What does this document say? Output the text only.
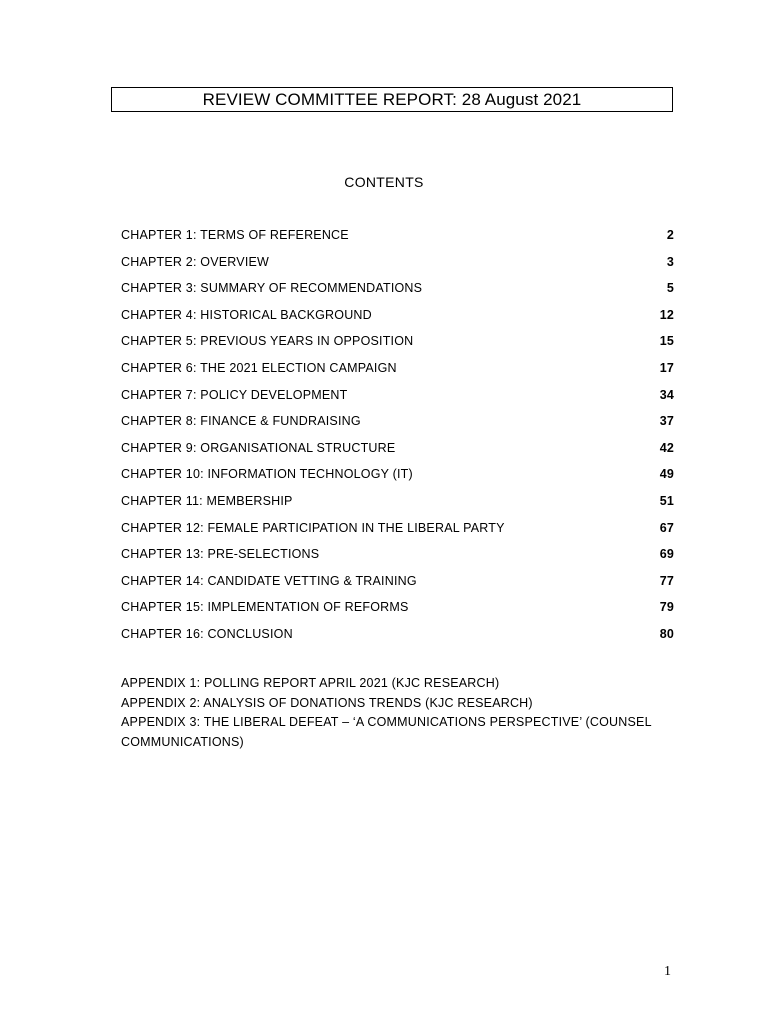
REVIEW COMMITTEE REPORT: 28 August 2021
CONTENTS
CHAPTER 1: TERMS OF REFERENCE	2
CHAPTER 2: OVERVIEW	3
CHAPTER 3: SUMMARY OF RECOMMENDATIONS	5
CHAPTER 4: HISTORICAL BACKGROUND	12
CHAPTER 5: PREVIOUS YEARS IN OPPOSITION	15
CHAPTER 6: THE 2021 ELECTION CAMPAIGN	17
CHAPTER 7: POLICY DEVELOPMENT	34
CHAPTER 8: FINANCE & FUNDRAISING	37
CHAPTER 9: ORGANISATIONAL STRUCTURE	42
CHAPTER 10: INFORMATION TECHNOLOGY (IT)	49
CHAPTER 11: MEMBERSHIP	51
CHAPTER 12: FEMALE PARTICIPATION IN THE LIBERAL PARTY	67
CHAPTER 13: PRE-SELECTIONS	69
CHAPTER 14: CANDIDATE VETTING & TRAINING	77
CHAPTER 15: IMPLEMENTATION OF REFORMS	79
CHAPTER 16: CONCLUSION	80
APPENDIX 1: POLLING REPORT APRIL 2021 (KJC RESEARCH)
APPENDIX 2: ANALYSIS OF DONATIONS TRENDS (KJC RESEARCH)
APPENDIX 3: THE LIBERAL DEFEAT – ‘A COMMUNICATIONS PERSPECTIVE’ (COUNSEL COMMUNICATIONS)
1
